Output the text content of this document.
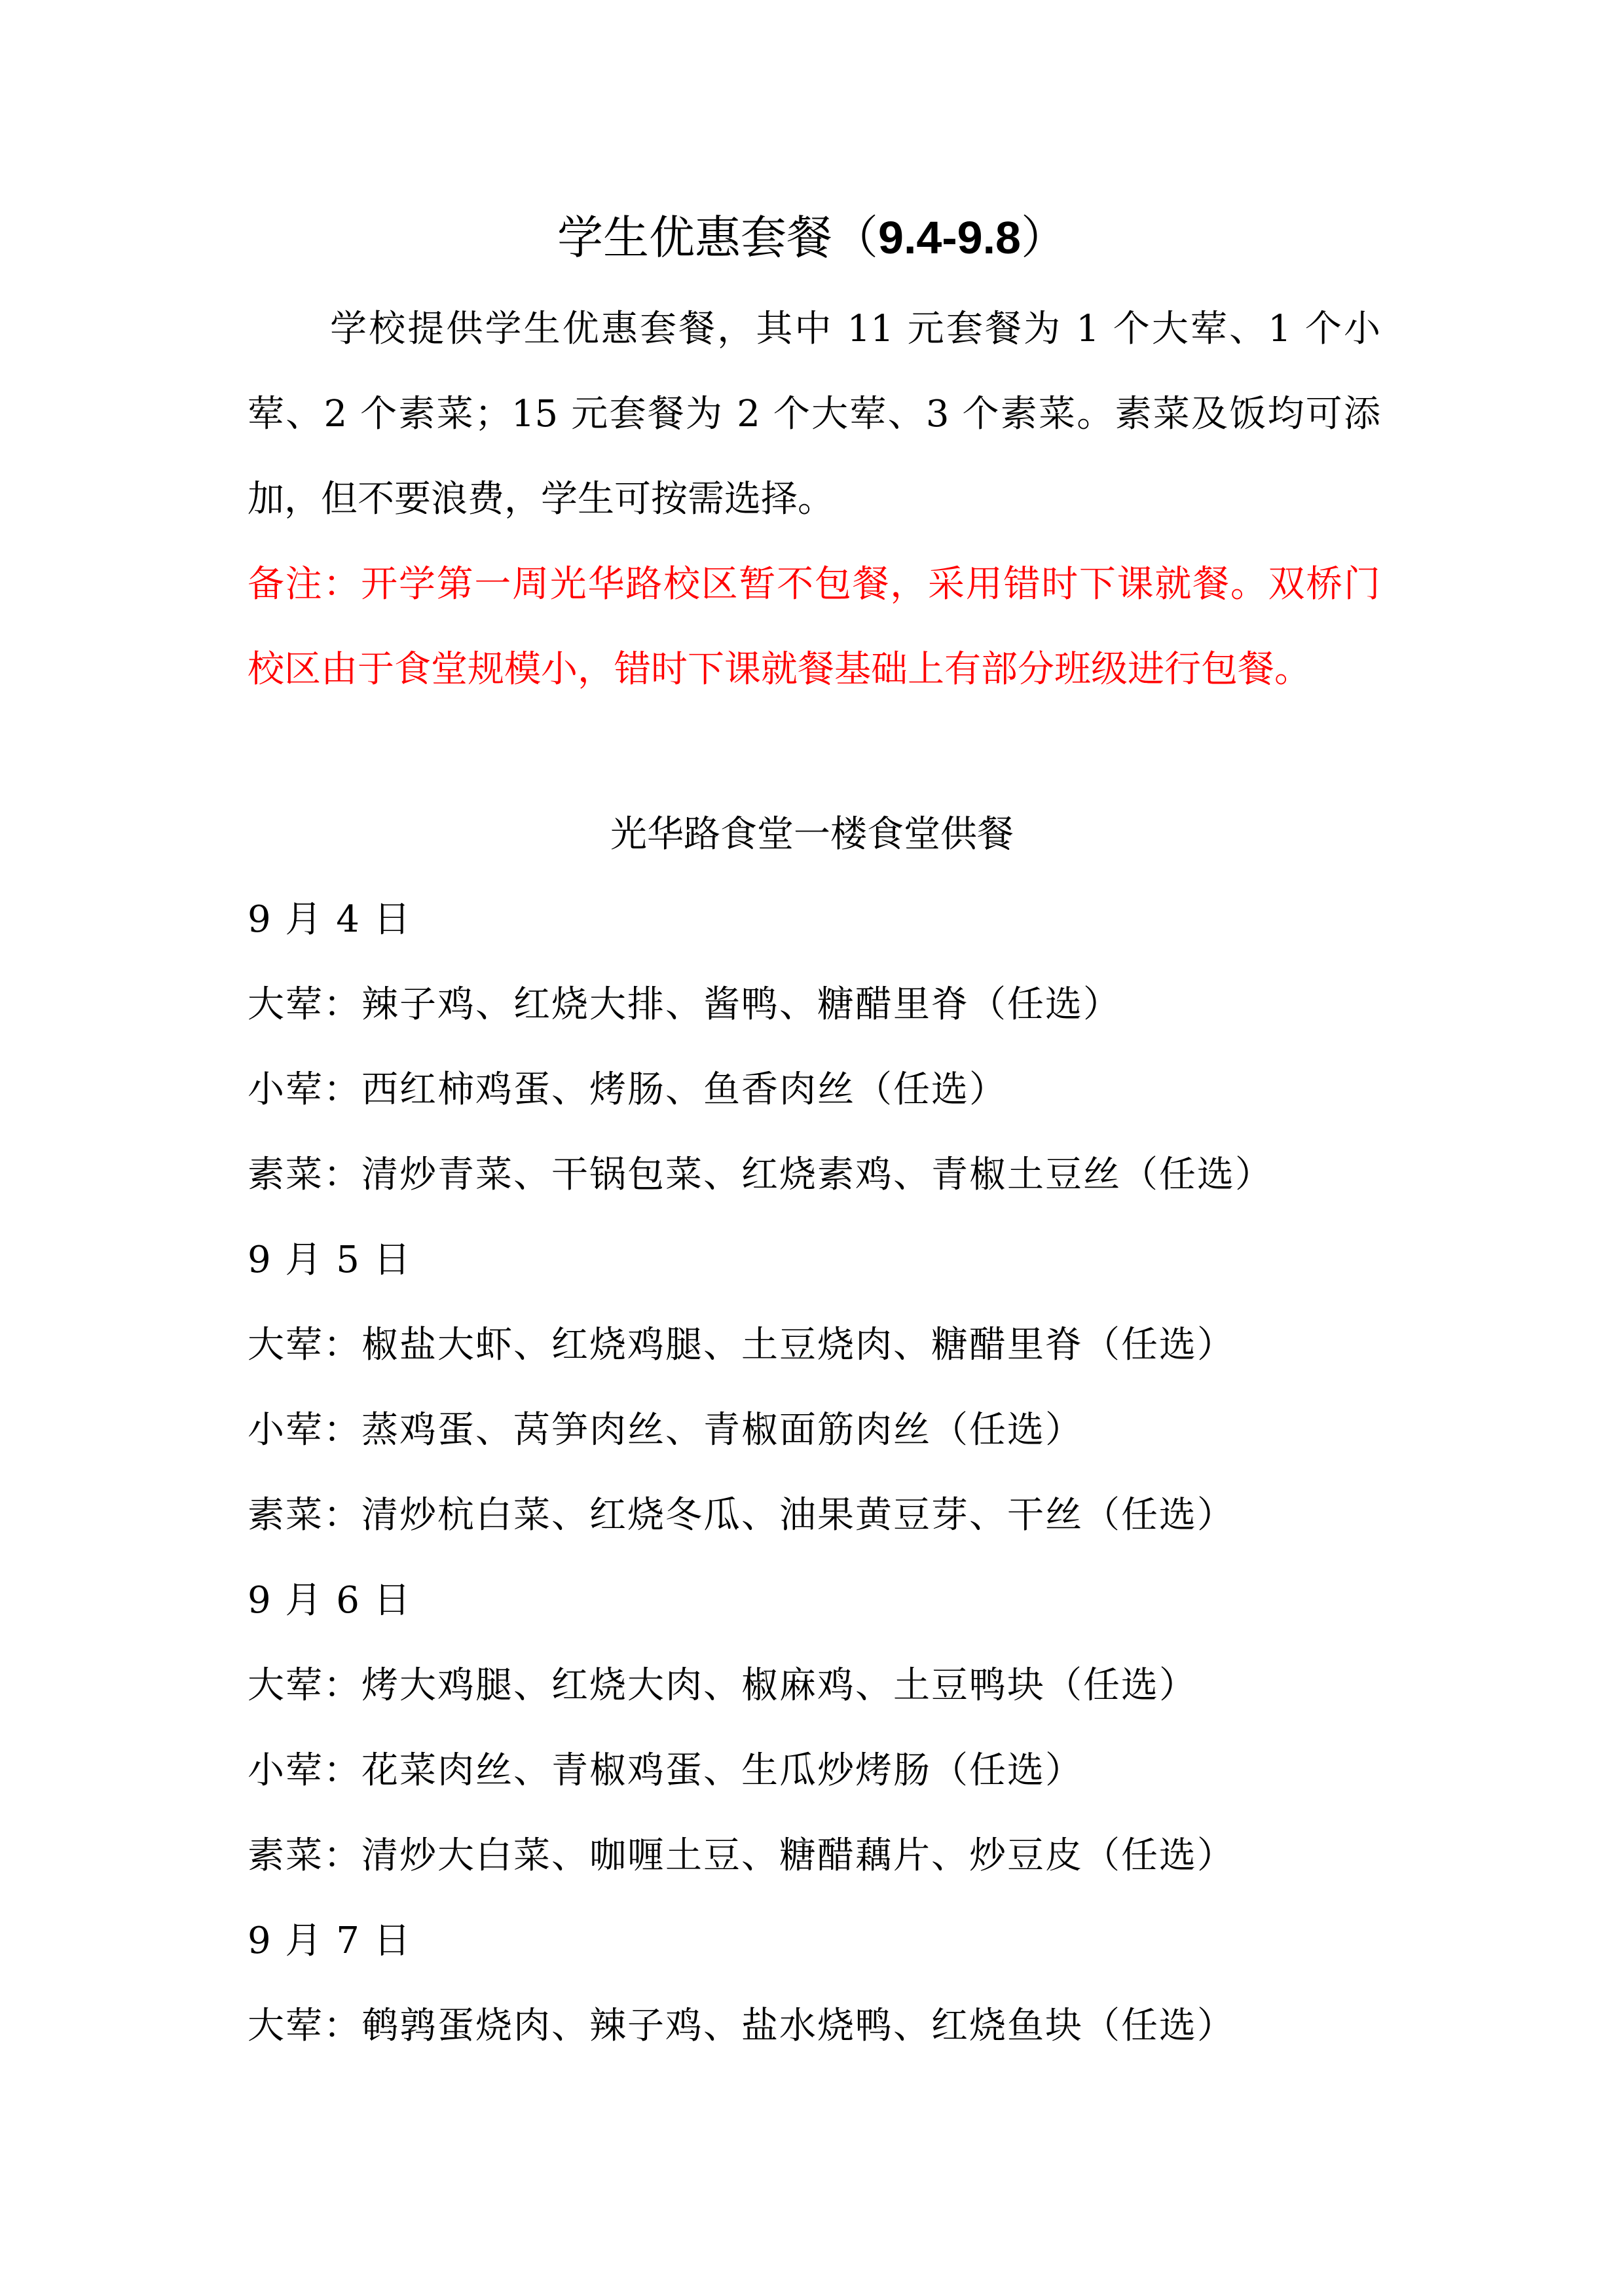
学生优惠套餐（9.4-9.8）

学校提供学生优惠套餐，其中 11 元套餐为 1 个大荤、1 个小荤、2 个素菜；15 元套餐为 2 个大荤、3 个素菜。素菜及饭均可添加，但不要浪费，学生可按需选择。

备注：开学第一周光华路校区暂不包餐，采用错时下课就餐。双桥门校区由于食堂规模小，错时下课就餐基础上有部分班级进行包餐。

光华路食堂一楼食堂供餐
9 月 4 日
大荤：辣子鸡、红烧大排、酱鸭、糖醋里脊（任选）
小荤：西红柿鸡蛋、烤肠、鱼香肉丝（任选）
素菜：清炒青菜、干锅包菜、红烧素鸡、青椒土豆丝（任选）
9 月 5 日
大荤：椒盐大虾、红烧鸡腿、土豆烧肉、糖醋里脊（任选）
小荤：蒸鸡蛋、莴笋肉丝、青椒面筋肉丝（任选）
素菜：清炒杭白菜、红烧冬瓜、油果黄豆芽、干丝（任选）
9 月 6 日
大荤：烤大鸡腿、红烧大肉、椒麻鸡、土豆鸭块（任选）
小荤：花菜肉丝、青椒鸡蛋、生瓜炒烤肠（任选）
素菜：清炒大白菜、咖喱土豆、糖醋藕片、炒豆皮（任选）
9 月 7 日
大荤：鹌鹑蛋烧肉、辣子鸡、盐水烧鸭、红烧鱼块（任选）
